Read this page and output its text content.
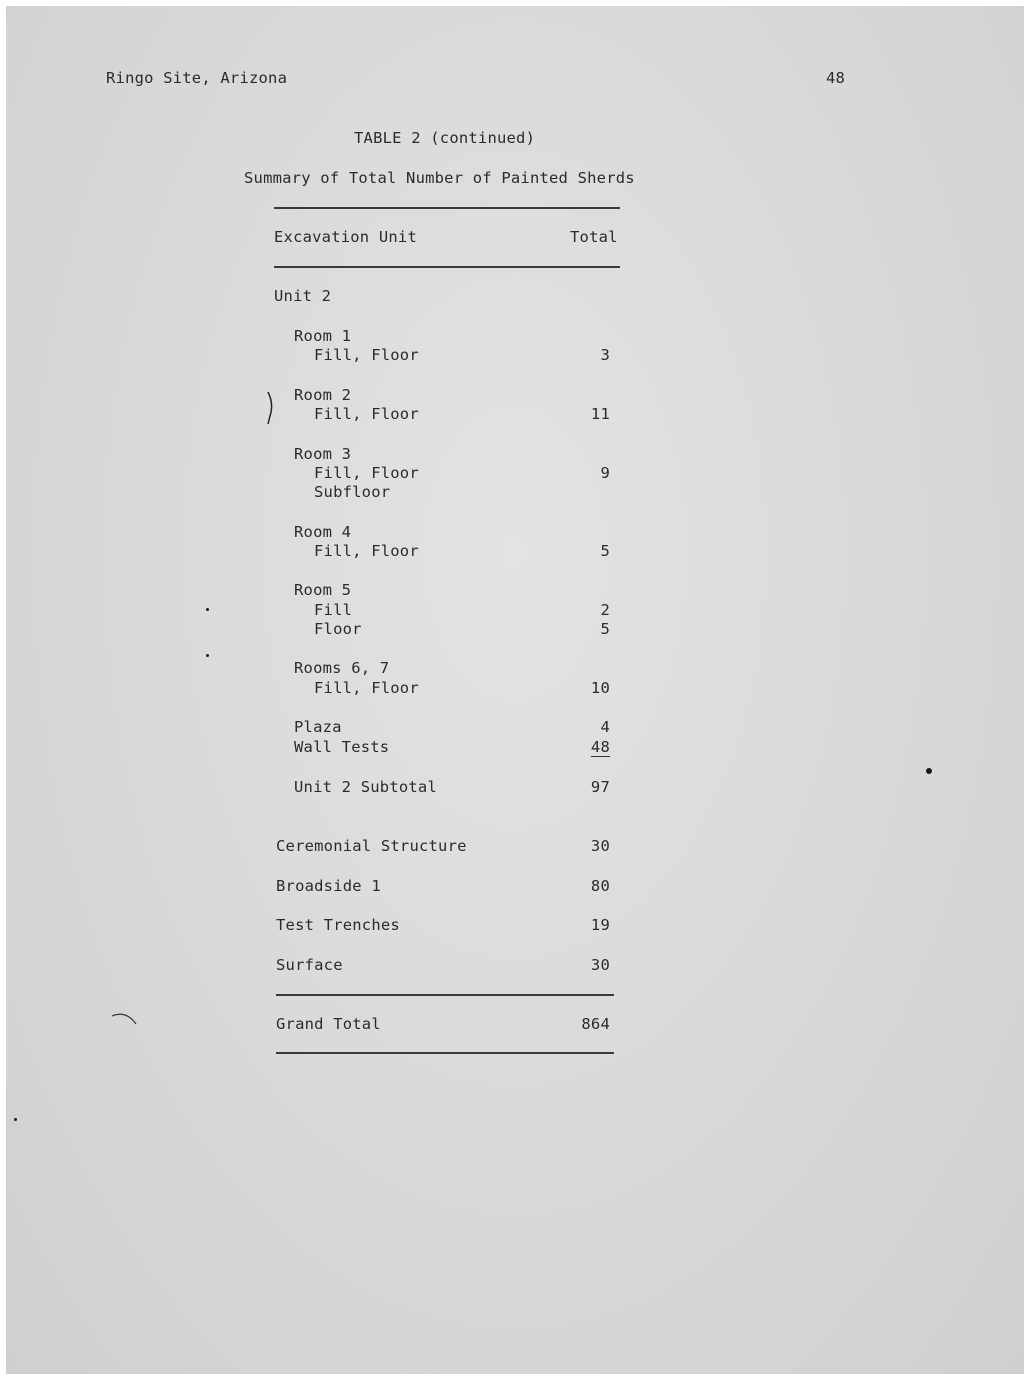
Ringo Site, Arizona	48
TABLE 2 (continued)
Summary of Total Number of Painted Sherds
Excavation Unit	Total
Unit 2
Room 1
Fill, Floor	3
Room 2
Fill, Floor	11
Room 3
Fill, Floor	9
Subfloor
Room 4
Fill, Floor	5
Room 5
Fill	2
Floor	5
Rooms 6, 7
Fill, Floor	10
Plaza	4
Wall Tests	48
Unit 2 Subtotal	97
Ceremonial Structure	30
Broadside 1	80
Test Trenches	19
Surface	30
Grand Total	864
